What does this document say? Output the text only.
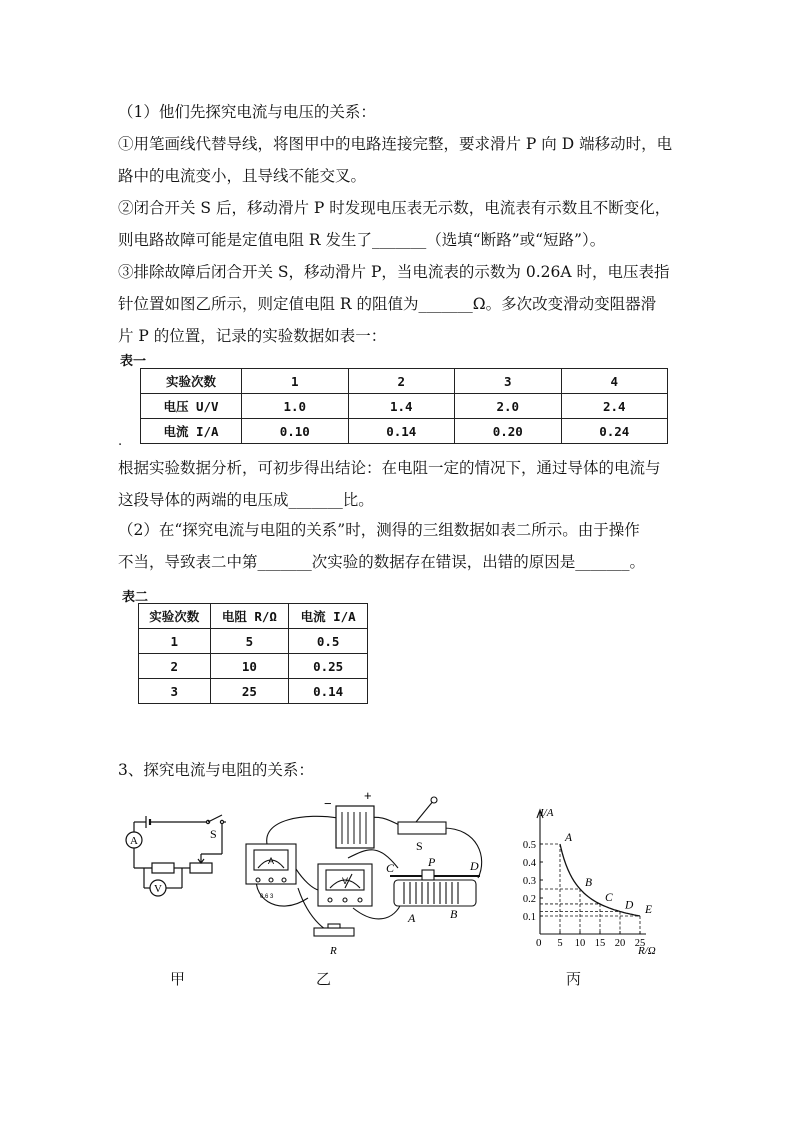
（1）他们先探究电流与电压的关系：
①用笔画线代替导线，将图甲中的电路连接完整，要求滑片 P 向 D 端移动时，电
路中的电流变小，且导线不能交叉。
②闭合开关 S 后，移动滑片 P 时发现电压表无示数，电流表有示数且不断变化，
则电路故障可能是定值电阻 R 发生了_______（选填“断路”或“短路”）。
③排除故障后闭合开关 S，移动滑片 P，当电流表的示数为 0.26A 时，电压表指
针位置如图乙所示，则定值电阻 R 的阻值为_______Ω。多次改变滑动变阻器滑
片 P 的位置，记录的实验数据如表一：
表一
实验次数	1	2	3	4
电压 U/V	1.0	1.4	2.0	2.4
电流 I/A	0.10	0.14	0.20	0.24
.
根据实验数据分析，可初步得出结论：在电阻一定的情况下，通过导体的电流与
这段导体的两端的电压成_______比。
（2）在“探究电流与电阻的关系”时，测得的三组数据如表二所示。由于操作
不当，导致表二中第_______次实验的数据存在错误，出错的原因是_______。
表二
实验次数	电阻 R/Ω	电流 I/A
1	5	0.5
2	10	0.25
3	25	0.14
3、探究电流与电阻的关系：
A
V
S
甲
−
+
S
A
V
0.6 3
R
C	P	D
A	B
乙
5 10 15 20 25
0.1
0.2
0.3
0.4
0.5
A
B
C
D E
I/A
R/Ω
0
丙
